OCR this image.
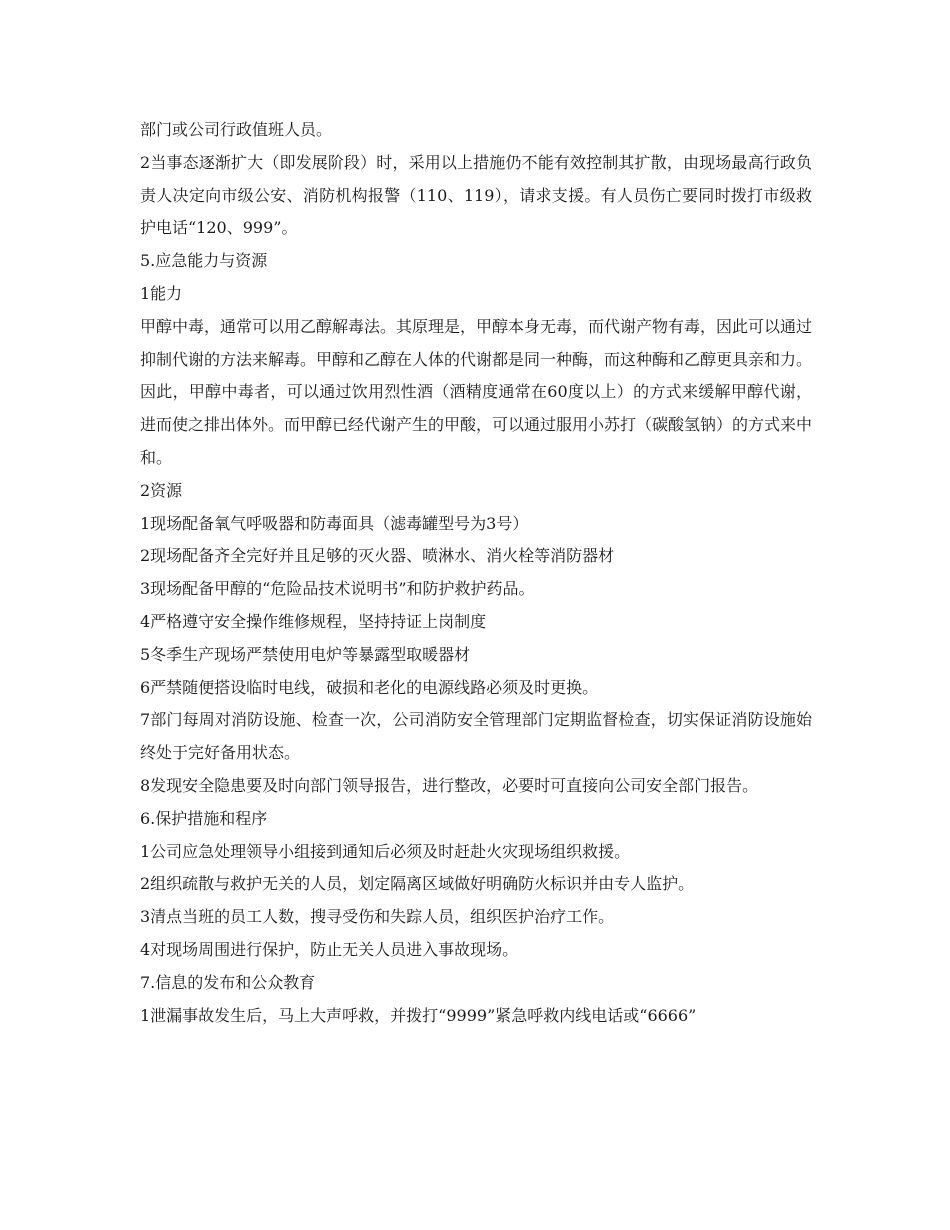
部门或公司行政值班人员。

2当事态逐渐扩大（即发展阶段）时，采用以上措施仍不能有效控制其扩散，由现场最高行政负责人决定向市级公安、消防机构报警（110、119），请求支援。有人员伤亡要同时拨打市级救护电话“120、999”。

5.应急能力与资源

1能力

甲醇中毒，通常可以用乙醇解毒法。其原理是，甲醇本身无毒，而代谢产物有毒，因此可以通过抑制代谢的方法来解毒。甲醇和乙醇在人体的代谢都是同一种酶，而这种酶和乙醇更具亲和力。因此，甲醇中毒者，可以通过饮用烈性酒（酒精度通常在60度以上）的方式来缓解甲醇代谢，进而使之排出体外。而甲醇已经代谢产生的甲酸，可以通过服用小苏打（碳酸氢钠）的方式来中和。

2资源

1现场配备氧气呼吸器和防毒面具（滤毒罐型号为3号）

2现场配备齐全完好并且足够的灭火器、喷淋水、消火栓等消防器材

3现场配备甲醇的“危险品技术说明书”和防护救护药品。

4严格遵守安全操作维修规程，坚持持证上岗制度

5冬季生产现场严禁使用电炉等暴露型取暖器材

6严禁随便搭设临时电线，破损和老化的电源线路必须及时更换。

7部门每周对消防设施、检查一次，公司消防安全管理部门定期监督检查，切实保证消防设施始终处于完好备用状态。

8发现安全隐患要及时向部门领导报告，进行整改，必要时可直接向公司安全部门报告。

6.保护措施和程序

1公司应急处理领导小组接到通知后必须及时赶赴火灾现场组织救援。

2组织疏散与救护无关的人员，划定隔离区域做好明确防火标识并由专人监护。

3清点当班的员工人数，搜寻受伤和失踪人员，组织医护治疗工作。

4对现场周围进行保护，防止无关人员进入事故现场。

7.信息的发布和公众教育

1泄漏事故发生后，马上大声呼救，并拨打“9999”紧急呼救内线电话或“6666”
